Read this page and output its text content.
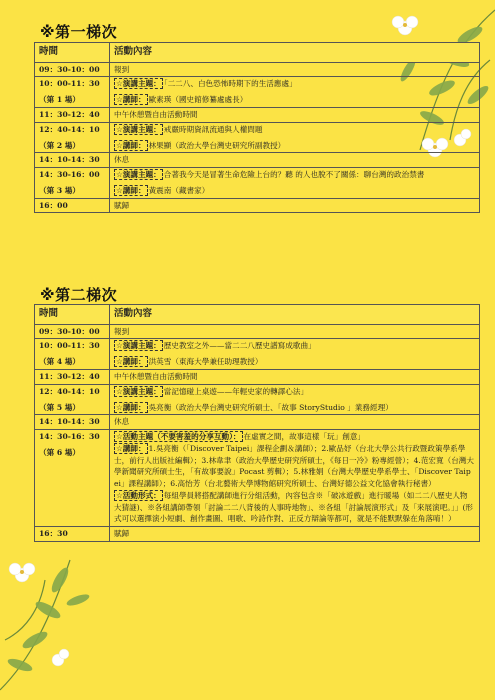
※第一梯次
時間	活動內容
09：30-10：00	報到

10：00-11：30
（第 1 場）	☆演講主題： 「二二八、白色恐怖時期下的生活應處」
☆講師： 歐素瑛（國史館修纂處處長）

11：30-12：40	中午休憩暨自由活動時間

12：40-14：10
（第 2 場）	☆演講主題： 戒嚴時期資訊流通與人權問題
☆講師： 林果顯（政治大學台灣史研究所副教授）

14：10-14：30	休息

14：30-16：00
（第 3 場）	☆演講主題： 合著我今天是冒著生命危險上台的？聽 的人也脫不了關係：聊台灣的政治禁書
☆講師： 黃震南（藏書家）

16：00	賦歸
※第二梯次
時間	活動內容
09：30-10：00	報到

10：00-11：30
（第 4 場）	☆演講主題： 歷史教室之外——當二二八歷史譜寫成歌曲」
☆講師： 洪英雪（東海大學兼任助理教授）

11：30-12：40	中午休憩暨自由活動時間

12：40-14：10
（第 5 場）	☆演講主題： 當記憶碰上桌遊——年輕史家的轉譯心法」
☆講師： 吳亮衡（政治大學台灣史研究所碩士、「故事 StoryStudio 」業務經理）

14：10-14：30	休息

14：30-16：30
（第 6 場）	☆活動主題（不要害羞的分享互動）： 在虛實之間，故事這樣「玩」創意」
☆講師： 1.吳亮衡（「Discover Taipei」課程企劃＆講師）；2.歐品妤（台北大學公共行政暨政策學系學士，前行人出版社編輯）；3.林韋聿（政治大學歷史研究所碩士，《每日一冷》粉專經營）；4.范宏寬（台灣大學新聞研究所碩士生，「有故事要說」Pocast 剪輯）；5.林雅娟（台灣大學歷史學系學士、「Discover Taipei」課程講師）；6.高怡芳（台北藝術大學博物館研究所碩士、台灣好德公益文化協會執行秘書）
☆活動形式： 每組學員將搭配講師進行分組活動，內容包含※「破冰遊戲」進行暖場（如二二八歷史人物大猜謎)、※各組講師帶領「討論二二八背後的人事時地物」、※各組「討論展演形式」及「來展演吧。」」(形式可以選擇演小短劇、創作畫圖、唱歌、吟詩作對、正反方辯論等都可，就是不能默默躲在角落唷！）

16：30	賦歸
